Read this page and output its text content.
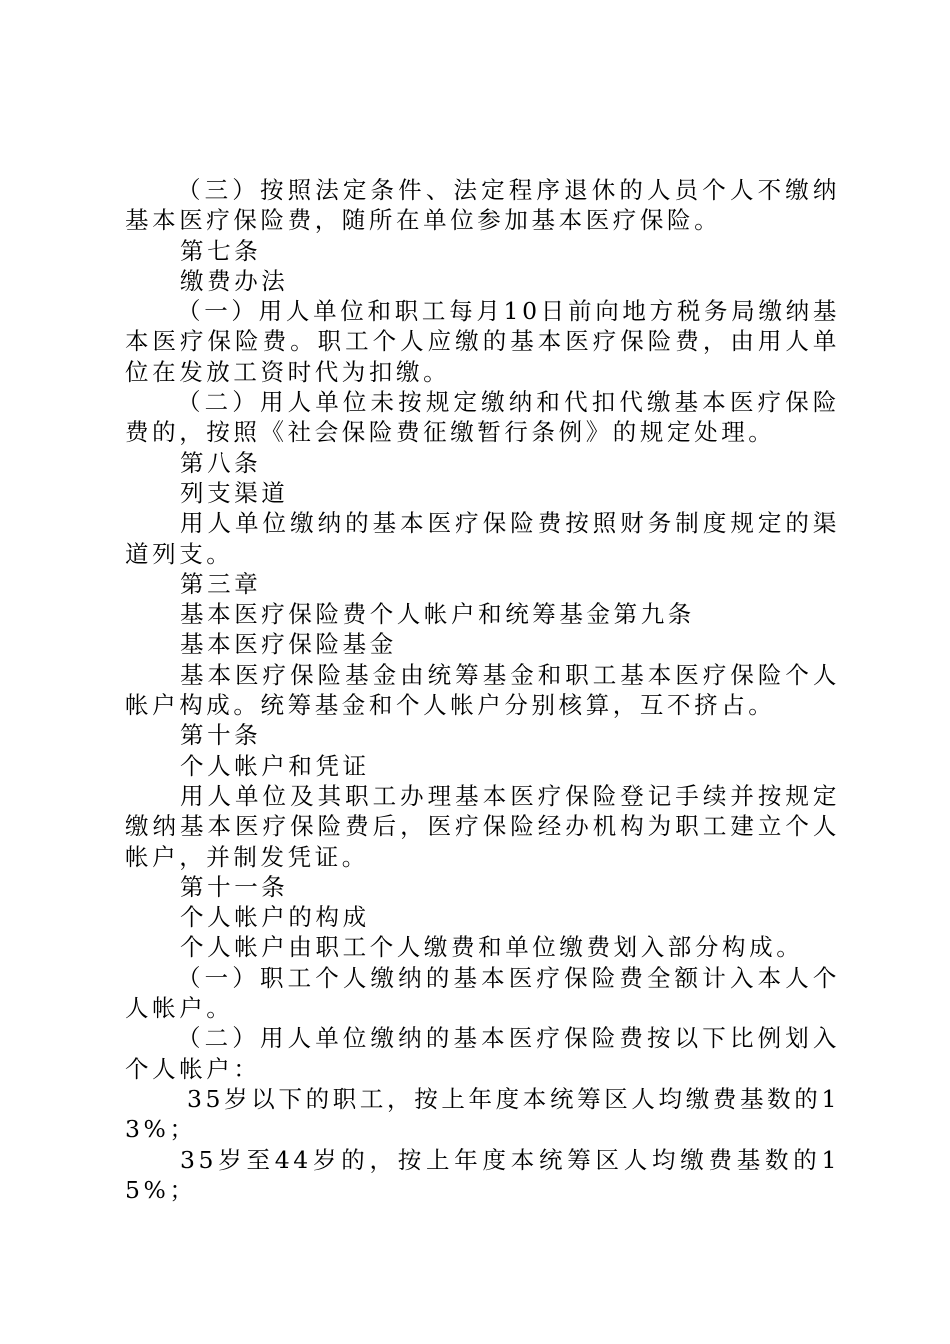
（三）按照法定条件、法定程序退休的人员个人不缴纳基本医疗保险费，随所在单位参加基本医疗保险。

第七条

缴费办法

（一）用人单位和职工每月10日前向地方税务局缴纳基本医疗保险费。职工个人应缴的基本医疗保险费，由用人单位在发放工资时代为扣缴。

（二）用人单位未按规定缴纳和代扣代缴基本医疗保险费的，按照《社会保险费征缴暂行条例》的规定处理。

第八条

列支渠道

用人单位缴纳的基本医疗保险费按照财务制度规定的渠道列支。

第三章

基本医疗保险费个人帐户和统筹基金第九条

基本医疗保险基金

基本医疗保险基金由统筹基金和职工基本医疗保险个人帐户构成。统筹基金和个人帐户分别核算，互不挤占。

第十条

个人帐户和凭证

用人单位及其职工办理基本医疗保险登记手续并按规定缴纳基本医疗保险费后，医疗保险经办机构为职工建立个人帐户，并制发凭证。

第十一条

个人帐户的构成

个人帐户由职工个人缴费和单位缴费划入部分构成。

（一）职工个人缴纳的基本医疗保险费全额计入本人个人帐户。

（二）用人单位缴纳的基本医疗保险费按以下比例划入个人帐户：

35岁以下的职工，按上年度本统筹区人均缴费基数的13%；

35岁至44岁的，按上年度本统筹区人均缴费基数的15%；
